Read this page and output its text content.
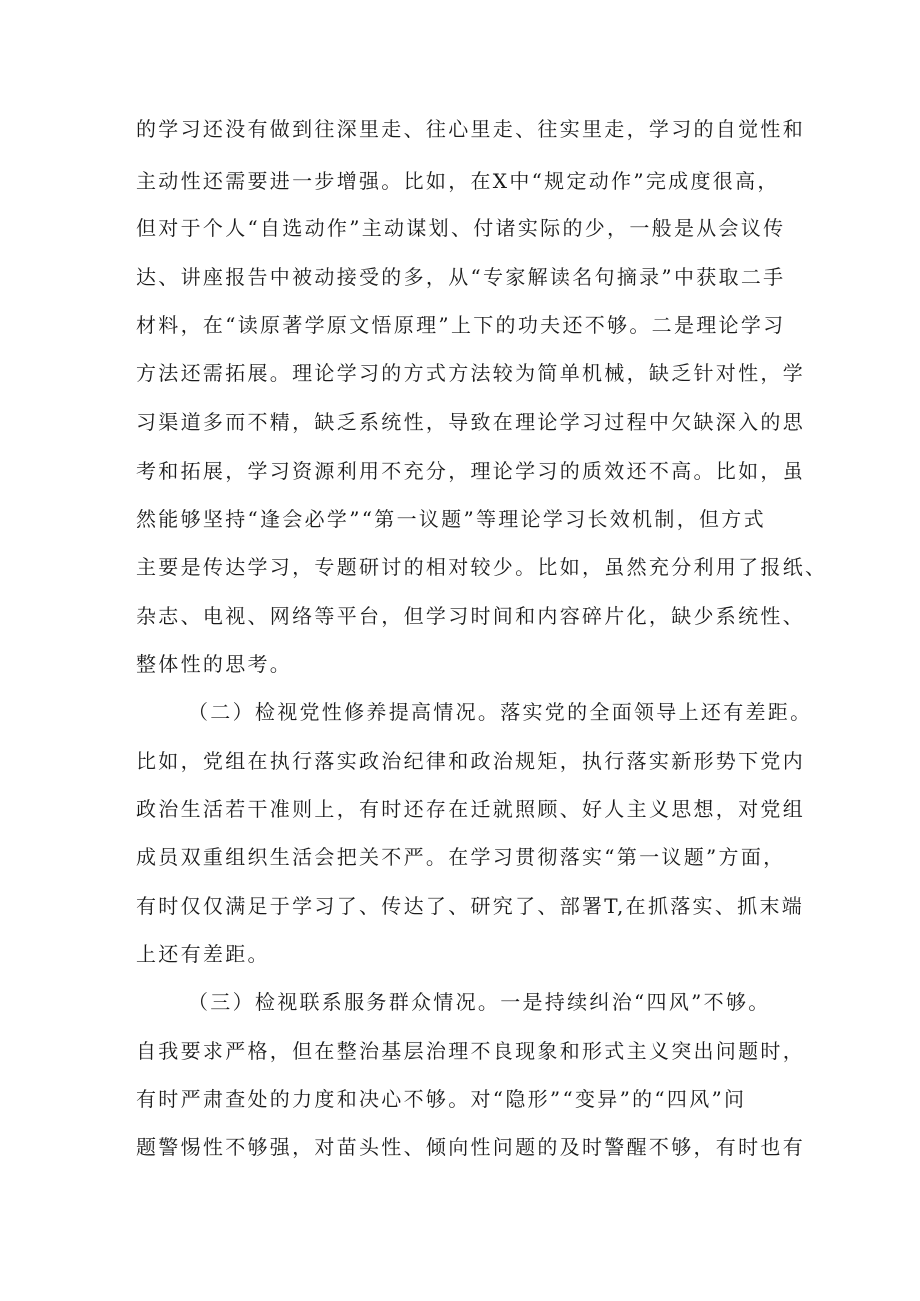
的学习还没有做到往深里走、往心里走、往实里走，学习的自觉性和

主动性还需要进一步增强。比如，在X中“规定动作”完成度很高，

但对于个人“自选动作”主动谋划、付诸实际的少，一般是从会议传

达、讲座报告中被动接受的多，从“专家解读名句摘录”中获取二手

材料，在“读原著学原文悟原理”上下的功夫还不够。二是理论学习

方法还需拓展。理论学习的方式方法较为简单机械，缺乏针对性，学

习渠道多而不精，缺乏系统性，导致在理论学习过程中欠缺深入的思

考和拓展，学习资源利用不充分，理论学习的质效还不高。比如，虽

然能够坚持“逢会必学”“第一议题”等理论学习长效机制，但方式

主要是传达学习，专题研讨的相对较少。比如，虽然充分利用了报纸、

杂志、电视、网络等平台，但学习时间和内容碎片化，缺少系统性、

整体性的思考。

（二）检视党性修养提高情况。落实党的全面领导上还有差距。

比如，党组在执行落实政治纪律和政治规矩，执行落实新形势下党内

政治生活若干准则上，有时还存在迁就照顾、好人主义思想，对党组

成员双重组织生活会把关不严。在学习贯彻落实“第一议题”方面，

有时仅仅满足于学习了、传达了、研究了、部署T,在抓落实、抓末端

上还有差距。

（三）检视联系服务群众情况。一是持续纠治“四风”不够。

自我要求严格，但在整治基层治理不良现象和形式主义突出问题时，

有时严肃查处的力度和决心不够。对“隐形”“变异”的“四风”问

题警惕性不够强，对苗头性、倾向性问题的及时警醒不够，有时也有
